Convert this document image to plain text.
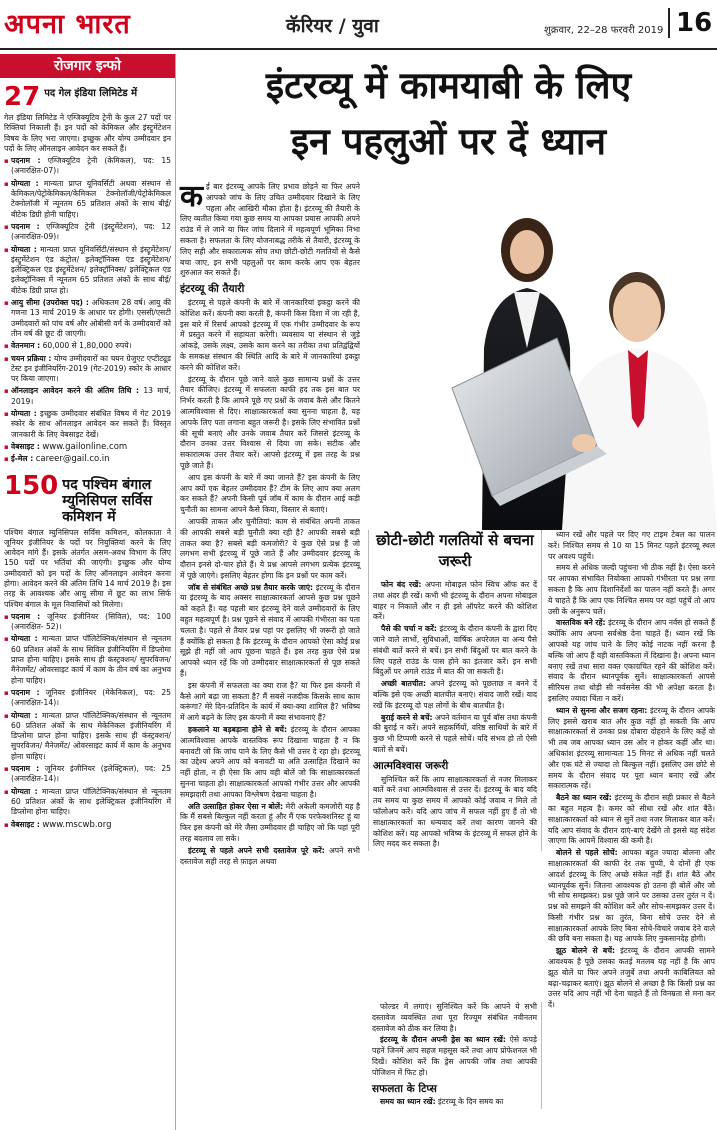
अपना भारत	कॅरियर / युवा	शुक्रवार, 22–28 फरवरी 2019 16
रोजगार इन्फो
27 पद गेल इंडिया लिमिटेड में
गेल इंडिया लिमिटेड ने एग्जिक्यूटिव ट्रेनी के कुल 27 पदों पर रिक्तियां निकाली हैं। इन पदों को केमिकल और इंस्ट्रूमेंटेशन विषय के लिए भरा जाएगा। इच्छुक और योग्य उम्मीदवार इन पदों के लिए ऑनलाइन आवेदन कर सकते हैं।
▪ पदनाम : एग्जिक्यूटिव ट्रेनी (केमिकल), पद: 15 (अनारक्षित-07)।
▪ योग्यता : मान्यता प्राप्त यूनिवर्सिटी अथवा संस्थान से केमिकल/पेट्रोकेमिकल/केमिकल टेक्नोलॉजी/पेट्रोकेमिकल टेक्नोलॉजी में न्यूनतम 65 प्रतिशत अंकों के साथ बीई/बीटेक डिग्री होनी चाहिए।
▪ पदनाम : एग्जिक्यूटिव ट्रेनी (इंस्ट्रूमेंटेशन), पद: 12 (अनारक्षित-09)।
▪ योग्यता : मान्यता प्राप्त यूनिवर्सिटी/संस्थान से इंस्ट्रूमेंटेशन/ इंस्ट्रूमेंटेशन एंड कंट्रोल/ इलेक्ट्रॉनिक्स एंड इंस्ट्रूमेंटेशन/ इलेक्ट्रिकल एंड इंस्ट्रूमेंटेशन/ इलेक्ट्रॉनिक्स/ इलेक्ट्रिकल एंड इलेक्ट्रॉनिक्स में न्यूनतम 65 प्रतिशत अंकों के साथ बीई/बीटेक डिग्री प्राप्त हो।
▪ आयु सीमा (उपरोक्त पद) : अधिकतम 28 वर्ष। आयु की गणना 13 मार्च 2019 के आधार पर होगी। एससी/एसटी उम्मीदवारों को पांच वर्ष और ओबीसी वर्ग के उम्मीदवारों को तीन वर्ष की छूट दी जाएगी।
▪ वेतनमान : 60,000 से 1,80,000 रुपये।
▪ चयन प्रक्रिया : योग्य उम्मीदवारों का चयन ग्रेजुएट एप्टीट्यूड टेस्ट इन इंजीनियरिंग-2019 (गेट-2019) स्कोर के आधार पर किया जाएगा।
▪ ऑनलाइन आवेदन करने की अंतिम तिथि : 13 मार्च, 2019।
▪ योग्यता : इच्छुक उम्मीदवार संबंधित विषय में गेट 2019 स्कोर के साथ ऑनलाइन आवेदन कर सकते हैं। विस्तृत जानकारी के लिए वेबसाइट देखें।
▪ वेबसाइट : www.gailonline.com
▪ ई-मेल : career@gail.co.in
150 पद पश्चिम बंगाल म्युनिसिपल सर्विस कमिशन में
पश्चिम बंगाल म्युनिसिपल सर्विस कमिशन, कोलकाता ने जूनियर इंजीनियर के पदों पर नियुक्तियां करने के लिए आवेदन मांगे हैं। इसके अंतर्गत असम-अवध विभाग के लिए 150 पदों पर भर्तियां की जाएंगी। इच्छुक और योग्य उम्मीदवारों को इन पदों के लिए ऑनलाइन आवेदन करना होगा। आवेदन करने की अंतिम तिथि 14 मार्च 2019 है। इस तरह के आवश्यक और आयु सीमा में छूट का लाभ सिर्फ पश्चिम बंगाल के मूल निवासियों को मिलेगा।
▪ पदनाम : जूनियर इंजीनियर (सिविल), पद: 100 (अनारक्षित- 52)।
▪ योग्यता : मान्यता प्राप्त पॉलिटेक्निक/संस्थान से न्यूनतम 60 प्रतिशत अंकों के साथ सिविल इंजीनियरिंग में डिप्लोमा प्राप्त होना चाहिए। इसके साथ ही कंस्ट्रक्शन/ सुपरविजन/ मैनेजमेंट/ ओवरसाइट कार्य में काम के तीन वर्ष का अनुभव होना चाहिए।
▪ पदनाम : जूनियर इंजीनियर (मेकेनिकल), पद: 25 (अनारक्षित-14)।
▪ योग्यता : मान्यता प्राप्त पॉलिटेक्निक/संस्थान से न्यूनतम 60 प्रतिशत अंकों के साथ मेकेनिकल इंजीनियरिंग में डिप्लोमा प्राप्त होना चाहिए। इसके साथ ही कंस्ट्रक्शन/ सुपरविजन/ मैनेजमेंट/ ओवरसाइट कार्य में काम के अनुभव होना चाहिए।
▪ पदनाम : जूनियर इंजीनियर (इलेक्ट्रिकल), पद: 25 (अनारक्षित-14)।
▪ योग्यता : मान्यता प्राप्त पॉलिटेक्निक/संस्थान से न्यूनतम 60 प्रतिशत अंकों के साथ इलेक्ट्रिकल इंजीनियरिंग में डिप्लोमा होना चाहिए।
▪ वेबसाइट : www.mscwb.org
इंटरव्यू में कामयाबी के लिए
इन पहलुओं पर दें ध्यान

कई बार इंटरव्यू आपके लिए प्रभाव छोड़ने या फिर अपने आपको जांच के लिए उचित उम्मीदवार दिखाने के लिए पहला और आखिरी मौका होता है। इंटरव्यू की तैयारी के लिए व्यतीत किया गया कुछ समय या आपका प्रयास आपकी अपने राउंड में ले जाने या फिर जांच दिलाने में महत्वपूर्ण भूमिका निभा सकता है। सफलता के लिए योजनाबद्ध तरीके से तैयारी, इंटरव्यू के लिए सही और सकारात्मक सोच तथा छोटी-छोटी गलतियों से कैसे बचा जाए, इन सभी पहलुओं पर काम करके आप एक बेहतर शुरुआत कर सकते हैं।

इंटरव्यू की तैयारी

इंटरव्यू से पहले कंपनी के बारे में जानकारियां इकट्ठा करने की कोशिश करें। कंपनी क्या करती है, कंपनी किस दिशा में जा रही है, इस बारे में रिसर्च आपको इंटरव्यू में एक गंभीर उम्मीदवार के रूप में प्रस्तुत करने में सहायता करेगी। व्यवसाय या संस्थान से जुड़े आंकड़े, उसके लक्ष्य, उसके काम करने का तरीका तथा प्रतिद्वंद्वियों के समकक्ष संस्थान की स्थिति आदि के बारे में जानकारियां इकट्ठा करने की कोशिश करें।

इंटरव्यू के दौरान पूछे जाने वाले कुछ सामान्य प्रश्नों के उत्तर तैयार कीजिए। इंटरव्यू में सफलता काफी हद तक इस बात पर निर्भर करती है कि आपने पूछे गए प्रश्नों के जवाब कैसे और कितने आत्मविश्वास से दिए। साक्षात्कारकर्ता क्या सुनना चाहता है, यह आपके लिए पता लगाना बहुत जरूरी है। इसके लिए संभावित प्रश्नों की सूची बनाएं और उनके जवाब तैयार करें जिससे इंटरव्यू के दौरान उनका उत्तर विश्वास से दिया जा सके। सटीक और सकारात्मक उत्तर तैयार करें। आपसे इंटरव्यू में इस तरह के प्रश्न पूछे जाते हैं।

आप इस कंपनी के बारे में क्या जानते हैं? इस कंपनी के लिए आप क्यों एक बेहतर उम्मीदवार हैं? टीम के लिए आप क्या अलग कर सकते हैं? अपनी किसी पूर्व जॉब में काम के दौरान आई कड़ी चुनौती का सामना आपने कैसे किया, विस्तार से बताएं।

आपकी ताकत और चुनौतियां: काम से संबंधित अपनी ताकत की आपकी सबसे बड़ी चुनौती क्या रही है? आपकी सबसे बड़ी ताकत क्या है? सबसे बड़ी कमजोरी? ये कुछ ऐसे प्रश्न हैं जो लगभग सभी इंटरव्यू में पूछे जाते हैं और उम्मीदवार इंटरव्यू के दौरान इनसे दो-चार होते हैं। ये प्रश्न आपसे लगभग प्रत्येक इंटरव्यू में पूछे जाएंगे। इसलिए बेहतर होगा कि इन प्रश्नों पर काम करें।

जॉब से संबंधित अच्छे प्रश्न तैयार करके जाएं: इंटरव्यू के दौरान या इंटरव्यू के बाद अक्सर साक्षात्कारकर्ता आपसे कुछ प्रश्न पूछने को कहते हैं। यह पहली बार इंटरव्यू देने वाले उम्मीदवारों के लिए बहुत महत्वपूर्ण है। प्रश्न पूछने से संवाद में आपकी गंभीरता का पता चलता है। पहले से तैयार प्रश्न पहां पर इसलिए भी जरूरी हो जाते हैं क्योंकि हो सकता है कि इंटरव्यू के दौरान आपको ऐसा कोई प्रश्न सूझे ही नहीं जो आप पूछना चाहते हैं। इस तरह कुछ ऐसे प्रश्न आपको ध्यान रहें कि जो उम्मीदवार साक्षात्कारकर्ता से पूछ सकते हैं।

इस कंपनी में सफलता का क्या राज है? या फिर इस कंपनी में कैसे आगे बढ़ा जा सकता है? मैं सबसे नजदीक किसके साथ काम करूंगा? मेरे दिन-प्रतिदिन के कार्य में क्या-क्या शामिल है? भविष्य में आगे बढ़ने के लिए इस कंपनी में क्या संभावनाएं हैं?

हकलाने या बड़बड़ाना होने से बचें: इंटरव्यू के दौरान आपका आत्मविश्वास आपके वास्तविक रूप दिखाना चाहता है न कि बनावटी जो कि जांच पाने के लिए कैसे भी उत्तर दे रहा हो। इंटरव्यू का उद्देश्य अपने आप को बनावटी या अति उत्साहित दिखाने का नहीं होता, न ही ऐसा कि आप वही बोलें जो कि साक्षात्कारकर्ता सुनना चाहता हो। साक्षात्कारकर्ता आपको गंभीर उत्तर और आपकी समझदारी तथा आपका विश्लेषण देखना चाहता है।

अति उत्साहित होकर ऐसा न बोलें: मेरी अकेली कमजोरी यह है कि मैं सबसे बिल्कुल नहीं करता हूं और मैं एक परफेक्शनिस्ट हूं या फिर इस कंपनी को मेरे जैसा उम्मीदवार ही चाहिए जो कि पहां पूरी तरह बदलाव ला सके।

इंटरव्यू से पहले अपने सभी दस्तावेज पूरे करें: अपने सभी दस्तावेज सही तरह से फ़ाइल अथवा

छोटी-छोटी गलतियों से बचना जरूरी

फोन बंद रखें: अपना मोबाइल फोन स्विच ऑफ कर दें तथा अंदर ही रखें। कभी भी इंटरव्यू के दौरान अपना मोबाइल बाहर न निकालें और न ही इसे ऑपरेट करने की कोशिश करें।

पैसे की चर्चा न करें: इंटरव्यू के दौरान कंपनी के द्वारा दिए जाने वाले लाभों, सुविधाओं, वार्षिक अपरेजल या अन्य पैसे संबंधी बातें करने से बचें। इन सभी बिंदुओं पर बात करने के लिए पहले राउंड के पास होने का इंतजार करें। इन सभी बिंदुओं पर अगले राउंड में बात की जा सकती है।

अच्छी बातचीत: अपने इंटरव्यू को पूछताछ न बनने दें बल्कि इसे एक अच्छी बातचीत बनाएं। संवाद जारी रखें। याद रखें कि इंटरव्यू दो पक्ष लोगों के बीच बातचीत है।

बुराई करने से बचें: अपने वर्तमान या पूर्व बॉस तथा कंपनी की बुराई न करें। अपने सहकर्मियों, वरिष्ठ साथियों के बारे में कुछ भी टिप्पणी करने से पहले सोचें। यदि संभव हो तो ऐसी बातों से बचें।

आत्मविश्वास जरूरी

सुनिश्चित करें कि आप साक्षात्कारकर्ता से नजर मिलाकर बातें करें तथा आत्मविश्वास से उत्तर दें। इंटरव्यू के बाद यदि तय समय या कुछ समय में आपको कोई जवाब न मिले तो फॉलोअप करें। यदि आप जांच में सफल नहीं हुए हैं तो भी साक्षात्कारकर्ता का धन्यवाद करें तथा कारण जानने की कोशिश करें। यह आपको भविष्य के इंटरव्यू में सफल होने के लिए मदद कर सकता है।

फोल्डर में लगाएं। सुनिश्चित करें कि आपने ये सभी दस्तावेज व्यवस्थित तथा पूरा रिज्यूम संबंधित नवीनतम दस्तावेज को ठीक कर लिया है।

इंटरव्यू के दौरान अपनी ड्रेस का ध्यान रखें: ऐसे कपड़े पहनें जिनमें आप सहज महसूस करें तथा आप प्रोफेशनल भी दिखें। कोशिश करें कि ड्रेस आपकी जॉब तथा आपकी पोजिशन में फिट हो।

सफलता के टिप्स

समय का ध्यान रखें: इंटरव्यू के दिन समय का

ध्यान रखें और पहले पर दिए गए टाइम टेबल का पालन करें। निश्चित समय से 10 या 15 मिनट पहले इंटरव्यू स्थल पर अवश्य पहुंचें।

समय से अधिक जल्दी पहुंचना भी ठीक नहीं है। ऐसा करने पर आपका संभावित नियोक्ता आपको गंभीरता पर प्रश्न लगा सकता है कि आप दिशानिर्देशों का पालन नहीं करते हैं। अगर ये चाहते हैं कि आप एक निश्चित समय पर वहां पहुंचें तो आप उसी के अनुरूप चलें।

वास्तविक बने रहें: इंटरव्यू के दौरान आप नर्वस हो सकते हैं क्योंकि आप अपना सर्वश्रेष्ठ देना चाहते हैं। ध्यान रखें कि आपको यह जांच पाने के लिए कोई नाटक नहीं करना है बल्कि जो आप हैं वही वास्तविकता में दिखाना है। अपना ध्यान बनाए रखें तथा सारा वक्त एकाग्रचित रहने की कोशिश करें। संवाद के दौरान ध्यानपूर्वक सुनें। साक्षात्कारकर्ता आपसे सीरियस तथा थोड़ी सी नर्वसनेस की भी अपेक्षा करता है। इसलिए ज्यादा चिंता न करें।

ध्यान से सुनना और सजग रहना: इंटरव्यू के दौरान आपके लिए इससे खराब बात और कुछ नहीं हो सकती कि आप साक्षात्कारकर्ता से उनका प्रश्न दोबारा दोहराने के लिए कहें वो भी तब जब आपका ध्यान उस ओर न होकर कहीं और था। अधिकांश इंटरव्यू सामान्यतः 15 मिनट से अधिक नहीं चलते और एक घंटे से ज्यादा तो बिल्कुल नहीं। इसलिए उस छोटे से समय के दौरान संवाद पर पूरा ध्यान बनाए रखें और सकारात्मक रहें।

बैठने का ध्यान रखें: इंटरव्यू के दौरान सही प्रकार से बैठने का बहुत महत्व है। कमर को सीधा रखें और शांत बैठें। साक्षात्कारकर्ता को ध्यान से सुनें तथा नजर मिलाकर बात करें। यदि आप संवाद के दौरान दाएं-बाएं देखेंगे तो इससे यह संदेश जाएगा कि आपमें विश्वास की कमी है।

बोलने से पहले सोचें: आपका बहुत ज्यादा बोलना और साक्षात्कारकर्ता की काफी देर तक चुप्पी, ये दोनों ही एक आदर्श इंटरव्यू के लिए अच्छे संकेत नहीं हैं। शांत बैठें और ध्यानपूर्वक सुनें। जितना आवश्यक हो उतना ही बोलें और जो भी सोच समझकर। प्रश्न पूछे जाने पर उसका उत्तर तुरंत न दें। प्रश्न को समझने की कोशिश करें और सोच-समझकर उत्तर दें। किसी गंभीर प्रश्न का तुरंत, बिना सोचे उत्तर देने से साक्षात्कारकर्ता आपके लिए बिना सोचे-विचारे जवाब देने वाले की छवि बना सकता है। यह आपके लिए नुकसानदेह होगी।

झूठ बोलने से बचें: इंटरव्यू के दौरान आपकी सामने आवश्यक है पूछे उसका कतई मतलब यह नहीं है कि आप झूठ बोलें या फिर अपने तजुर्बे तथा अपनी काबिलियत को बढ़ा-चढ़ाकर बताएं। झूठ बोलने से अच्छा है कि किसी प्रश्न का उत्तर यदि आप नहीं भी देना चाहते हैं तो विनम्रता से मना कर दें।
